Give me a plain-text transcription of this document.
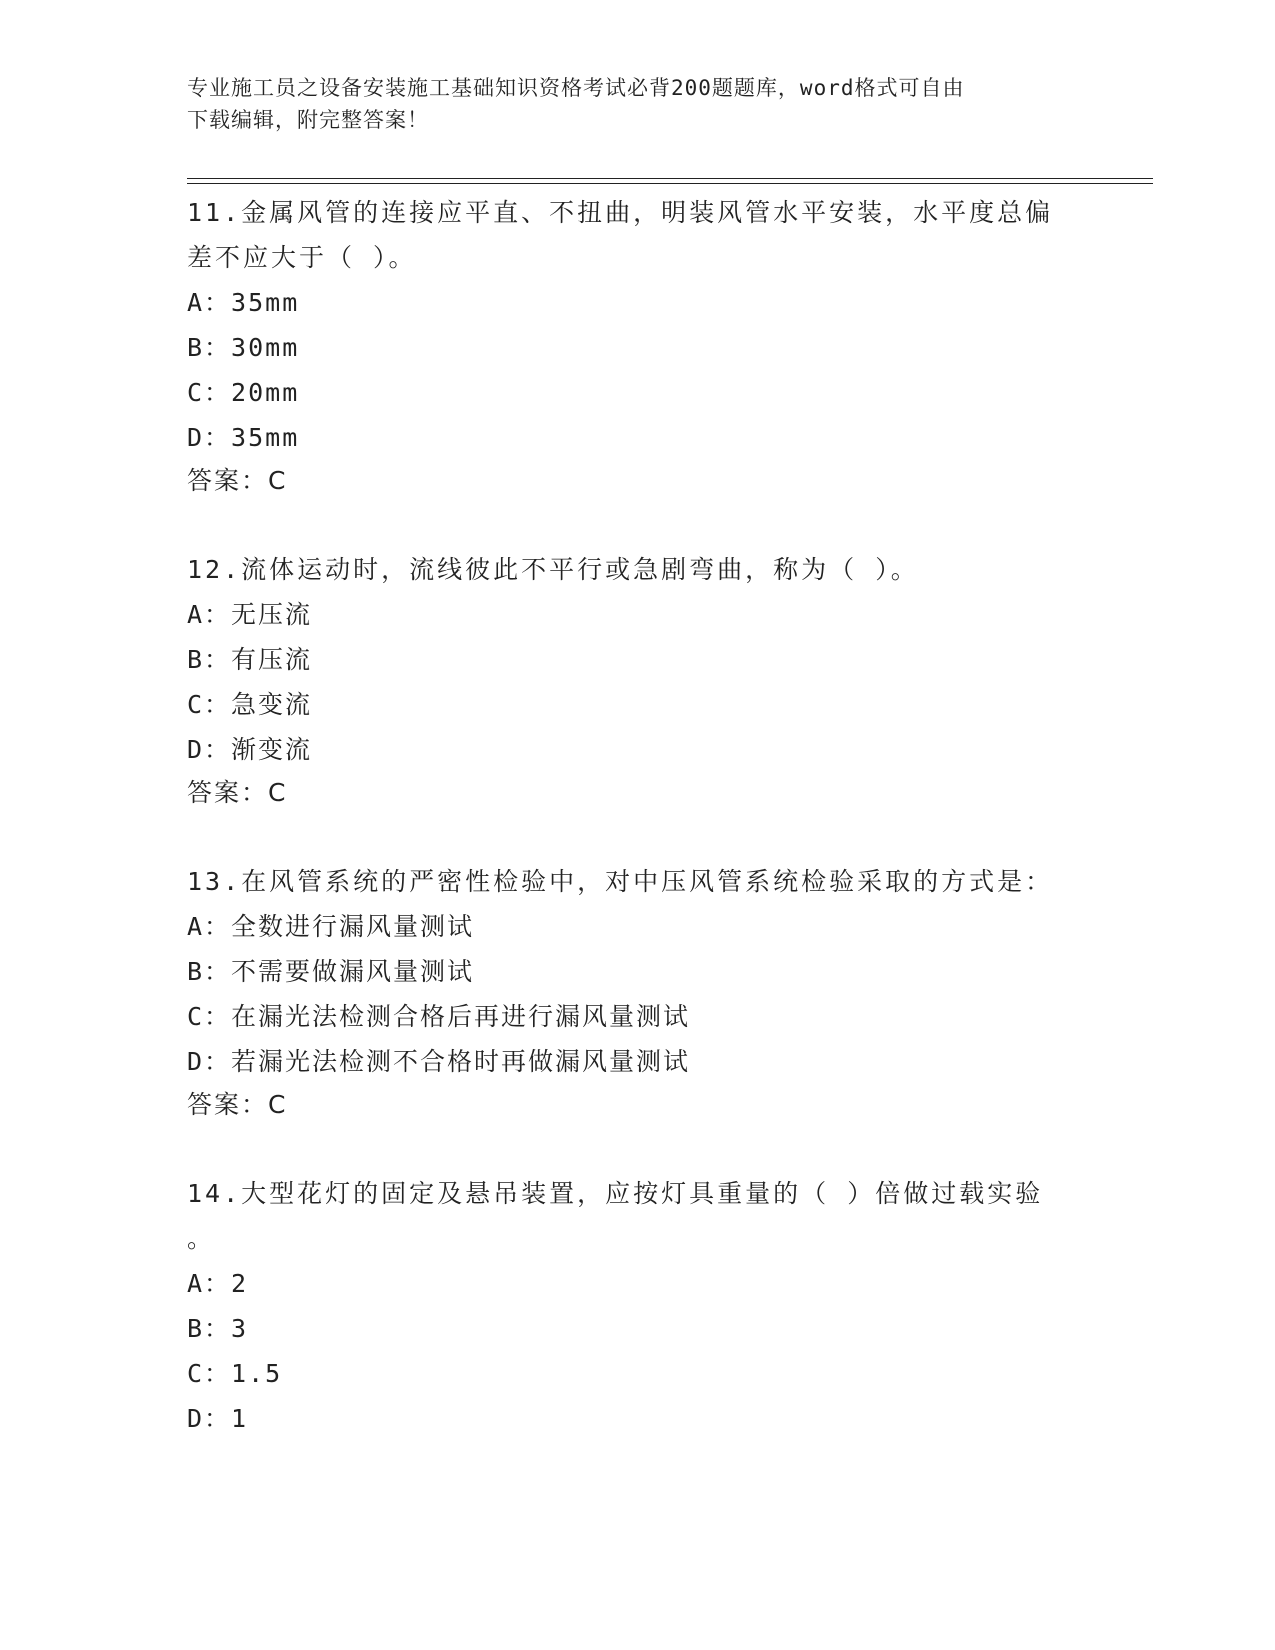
专业施工员之设备安装施工基础知识资格考试必背200题题库，word格式可自由
下载编辑，附完整答案！
11.金属风管的连接应平直、不扭曲，明装风管水平安装，水平度总偏
差不应大于（ ）。
A：35mm
B：30mm
C：20mm
D：35mm
答案：C
12.流体运动时，流线彼此不平行或急剧弯曲，称为（ ）。
A：无压流
B：有压流
C：急变流
D：渐变流
答案：C
13.在风管系统的严密性检验中，对中压风管系统检验采取的方式是：
A：全数进行漏风量测试
B：不需要做漏风量测试
C：在漏光法检测合格后再进行漏风量测试
D：若漏光法检测不合格时再做漏风量测试
答案：C
14.大型花灯的固定及悬吊装置，应按灯具重量的（ ）倍做过载实验
。
A：2
B：3
C：1.5
D：1
